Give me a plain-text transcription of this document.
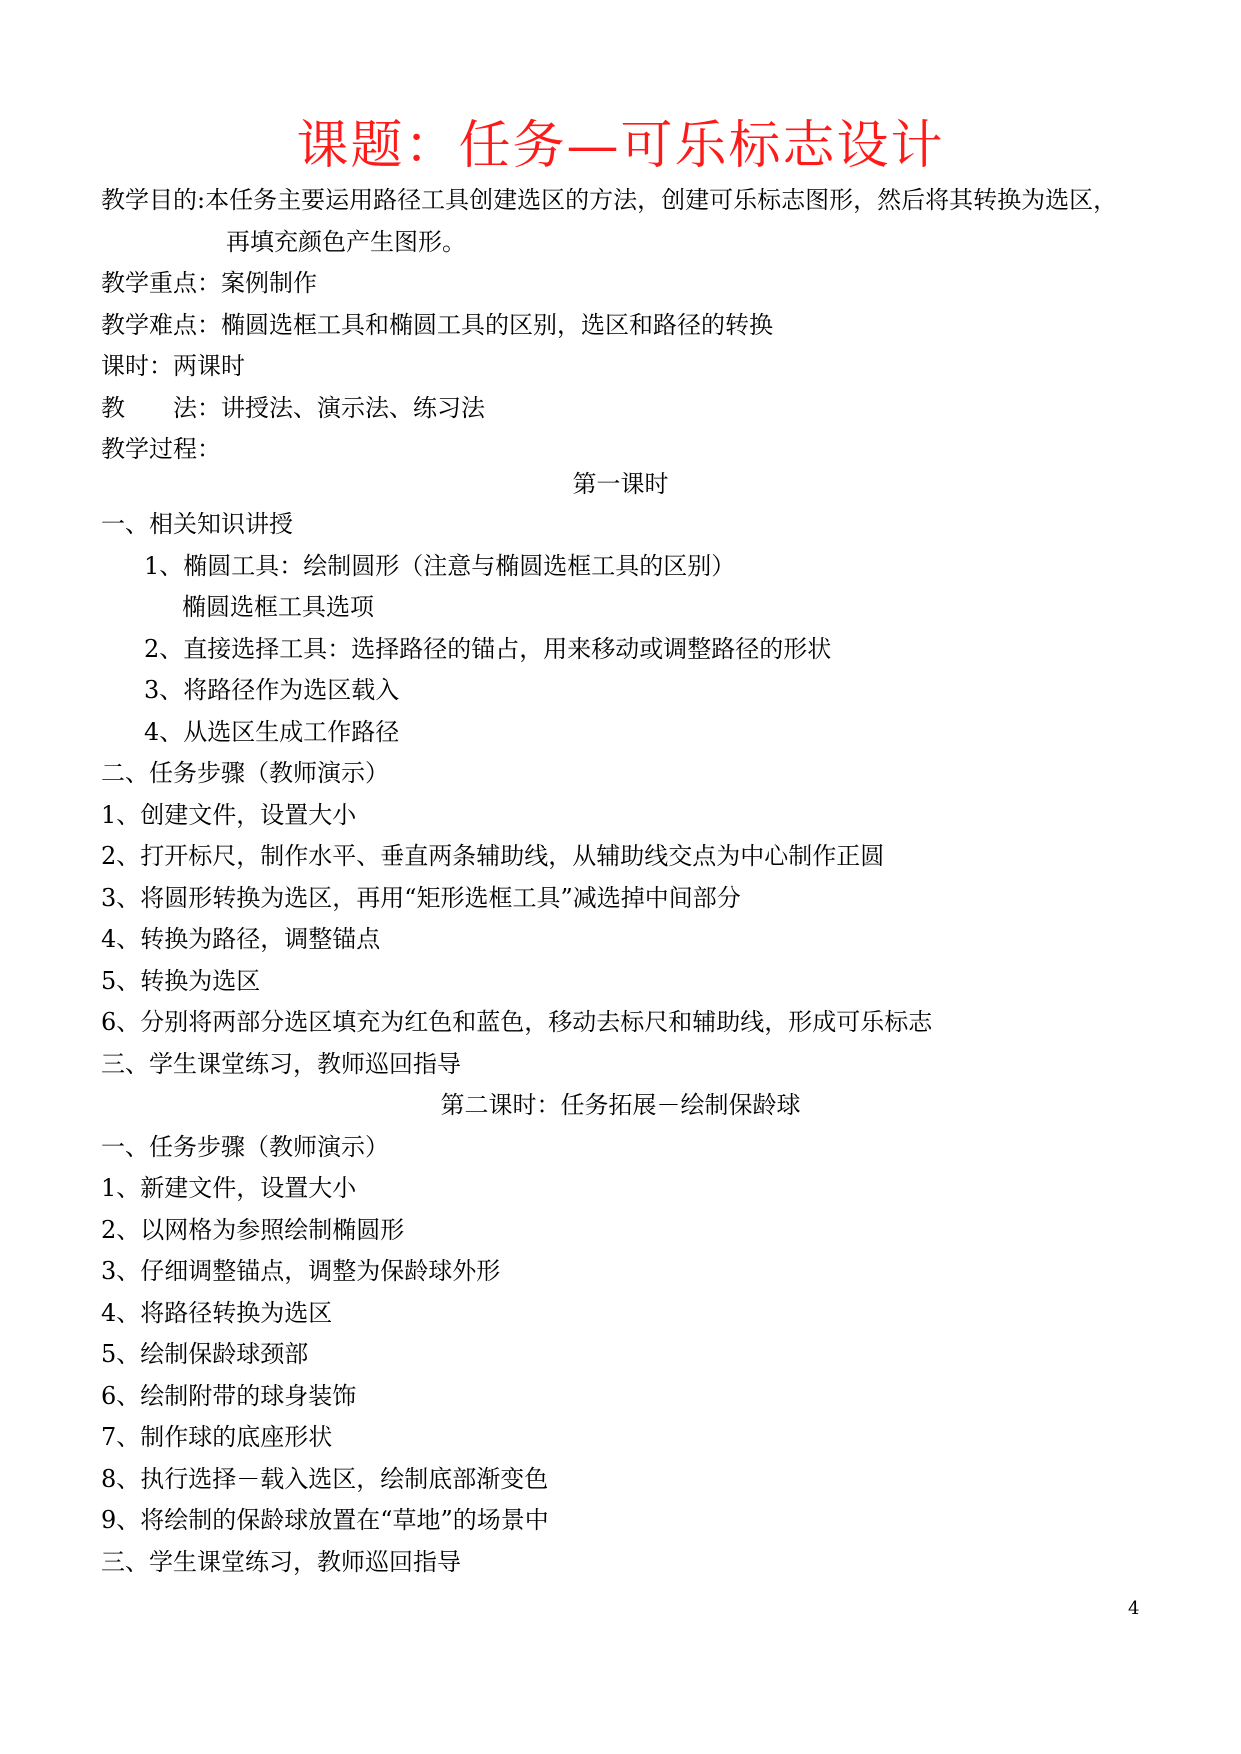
课题：任务—可乐标志设计
教学目的:本任务主要运用路径工具创建选区的方法，创建可乐标志图形，然后将其转换为选区，
再填充颜色产生图形。
教学重点：案例制作
教学难点：椭圆选框工具和椭圆工具的区别，选区和路径的转换
课时：两课时
教 法：讲授法、演示法、练习法
教学过程：
第一课时
一、相关知识讲授
1、椭圆工具：绘制圆形（注意与椭圆选框工具的区别）
椭圆选框工具选项
2、直接选择工具：选择路径的锚占，用来移动或调整路径的形状
3、将路径作为选区载入
4、从选区生成工作路径
二、任务步骤（教师演示）
1、创建文件，设置大小
2、打开标尺，制作水平、垂直两条辅助线，从辅助线交点为中心制作正圆
3、将圆形转换为选区，再用“矩形选框工具”减选掉中间部分
4、转换为路径，调整锚点
5、转换为选区
6、分别将两部分选区填充为红色和蓝色，移动去标尺和辅助线，形成可乐标志
三、学生课堂练习，教师巡回指导
第二课时：任务拓展－绘制保龄球
一、任务步骤（教师演示）
1、新建文件，设置大小
2、以网格为参照绘制椭圆形
3、仔细调整锚点，调整为保龄球外形
4、将路径转换为选区
5、绘制保龄球颈部
6、绘制附带的球身装饰
7、制作球的底座形状
8、执行选择－载入选区，绘制底部渐变色
9、将绘制的保龄球放置在“草地”的场景中
三、学生课堂练习，教师巡回指导
4
